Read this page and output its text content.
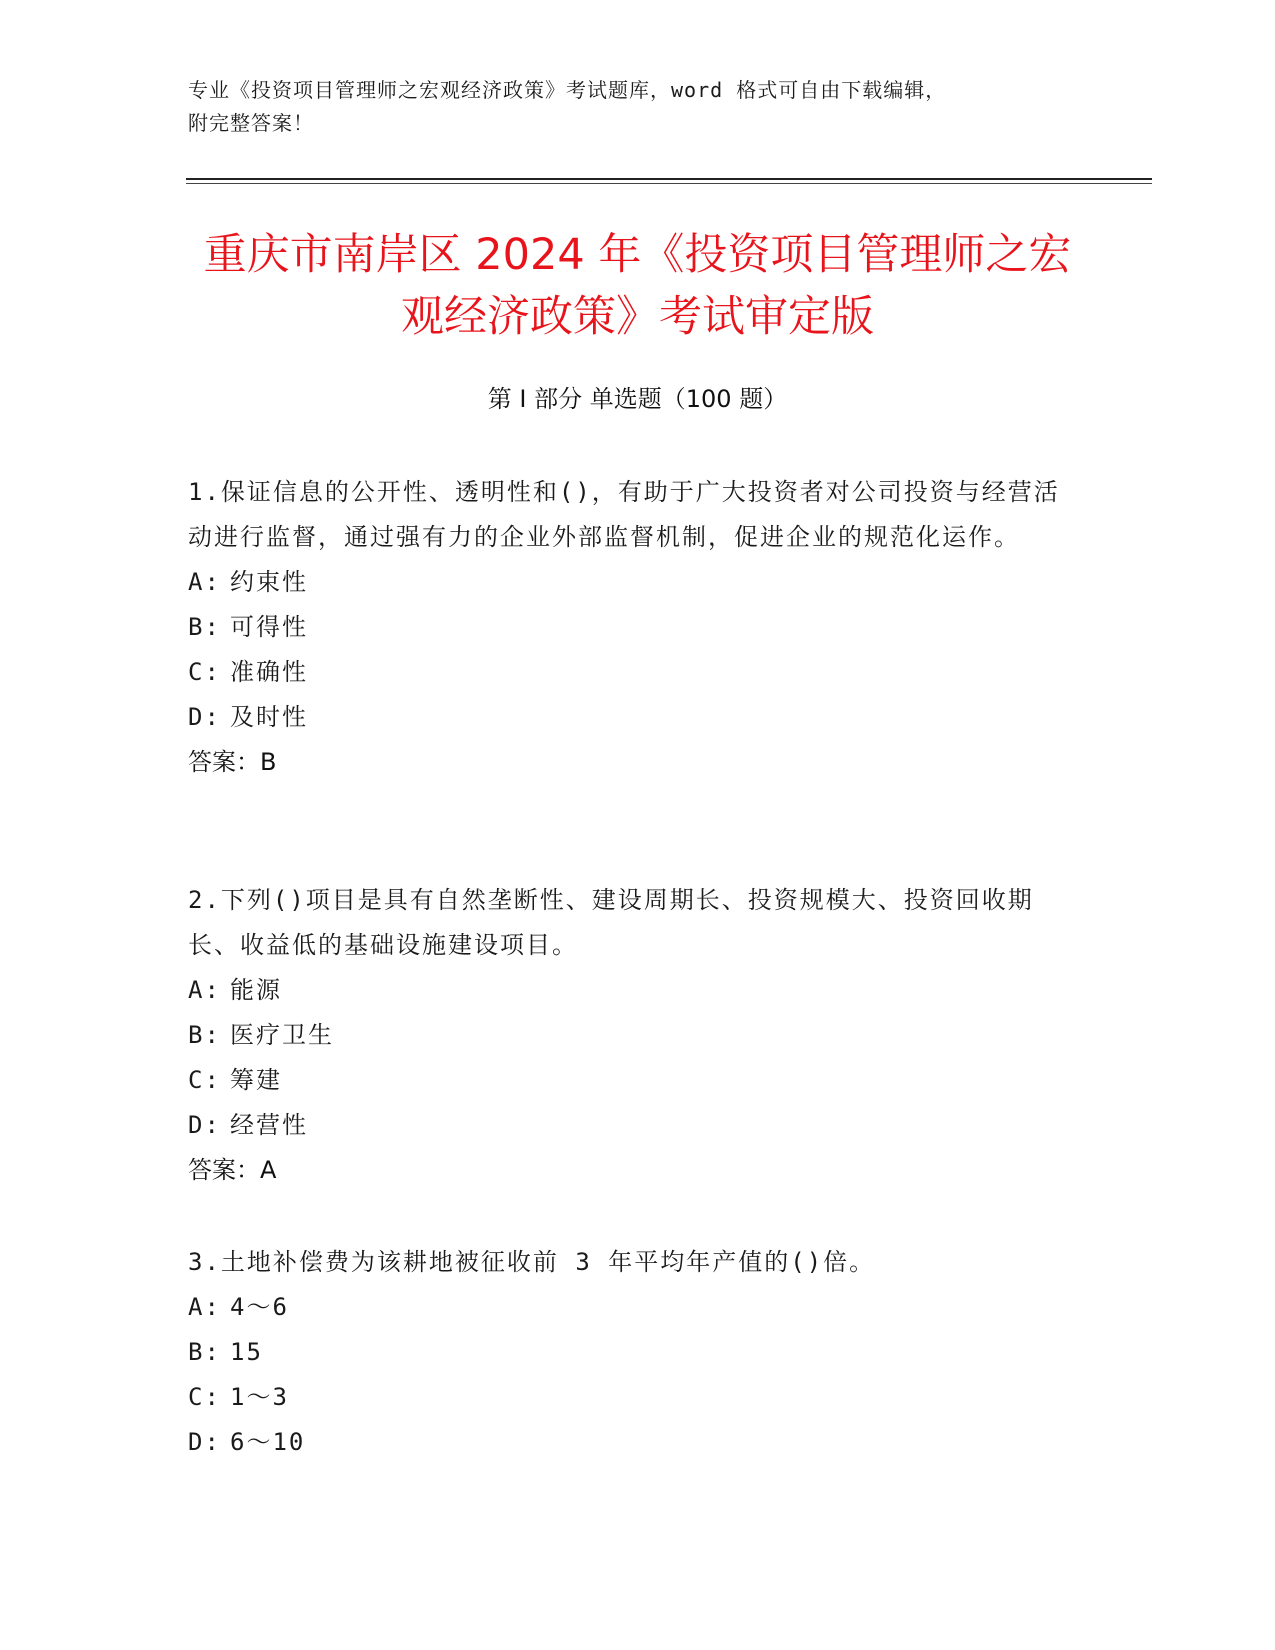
专业《投资项目管理师之宏观经济政策》考试题库，word 格式可自由下载编辑，
附完整答案！
重庆市南岸区 2024 年《投资项目管理师之宏
观经济政策》考试审定版
第 I 部分 单选题（100 题）
1.保证信息的公开性、透明性和()，有助于广大投资者对公司投资与经营活动进行监督，通过强有力的企业外部监督机制，促进企业的规范化运作。
A: 约束性
B: 可得性
C: 准确性
D: 及时性
答案：B
2.下列()项目是具有自然垄断性、建设周期长、投资规模大、投资回收期长、收益低的基础设施建设项目。
A: 能源
B: 医疗卫生
C: 筹建
D: 经营性
答案：A
3.土地补偿费为该耕地被征收前 3 年平均年产值的()倍。
A: 4～6
B: 15
C: 1～3
D: 6～10
